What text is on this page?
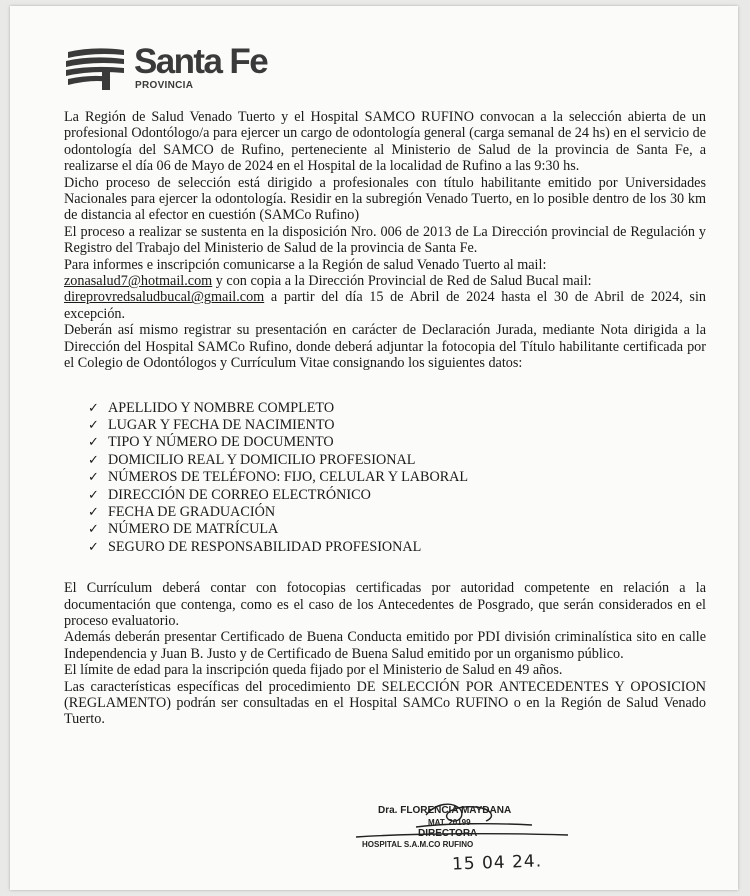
Santa Fe
PROVINCIA

La Región de Salud Venado Tuerto y el Hospital SAMCO RUFINO convocan a la selección abierta de un profesional Odontólogo/a para ejercer un cargo de odontología general (carga semanal de 24 hs) en el servicio de odontología del SAMCO de Rufino, perteneciente al Ministerio de Salud de la provincia de Santa Fe, a realizarse el día 06 de Mayo de 2024 en el Hospital de la localidad de Rufino a las 9:30 hs.

Dicho proceso de selección está dirigido a profesionales con título habilitante emitido por Universidades Nacionales para ejercer la odontología. Residir en la subregión Venado Tuerto, en lo posible dentro de los 30 km de distancia al efector en cuestión (SAMCo Rufino)

El proceso a realizar se sustenta en la disposición Nro. 006 de 2013 de La Dirección provincial de Regulación y Registro del Trabajo del Ministerio de Salud de la provincia de Santa Fe.

Para informes e inscripción comunicarse a la Región de salud Venado Tuerto al mail:
zonasalud7@hotmail.com y con copia a la Dirección Provincial de Red de Salud Bucal mail:
direprovredsaludbucal@gmail.com a partir del día 15 de Abril de 2024 hasta el 30 de Abril de 2024, sin excepción.

Deberán así mismo registrar su presentación en carácter de Declaración Jurada, mediante Nota dirigida a la Dirección del Hospital SAMCo Rufino, donde deberá adjuntar la fotocopia del Título habilitante certificada por el Colegio de Odontólogos y Currículum Vitae consignando los siguientes datos:

✓ APELLIDO Y NOMBRE COMPLETO
✓ LUGAR Y FECHA DE NACIMIENTO
✓ TIPO Y NÚMERO DE DOCUMENTO
✓ DOMICILIO REAL Y DOMICILIO PROFESIONAL
✓ NÚMEROS DE TELÉFONO: FIJO, CELULAR Y LABORAL
✓ DIRECCIÓN DE CORREO ELECTRÓNICO
✓ FECHA DE GRADUACIÓN
✓ NÚMERO DE MATRÍCULA
✓ SEGURO DE RESPONSABILIDAD PROFESIONAL

El Currículum deberá contar con fotocopias certificadas por autoridad competente en relación a la documentación que contenga, como es el caso de los Antecedentes de Posgrado, que serán considerados en el proceso evaluatorio.

Además deberán presentar Certificado de Buena Conducta emitido por PDI división criminalística sito en calle Independencia y Juan B. Justo y de Certificado de Buena Salud emitido por un organismo público.

El límite de edad para la inscripción queda fijado por el Ministerio de Salud en 49 años.

Las características específicas del procedimiento DE SELECCIÓN POR ANTECEDENTES Y OPOSICION (REGLAMENTO) podrán ser consultadas en el Hospital SAMCo RUFINO o en la Región de Salud Venado Tuerto.

Dra. FLORENCIA MAYDANA
MAT. 20199
DIRECTORA
HOSPITAL S.A.M.CO RUFINO
15 04 24.
